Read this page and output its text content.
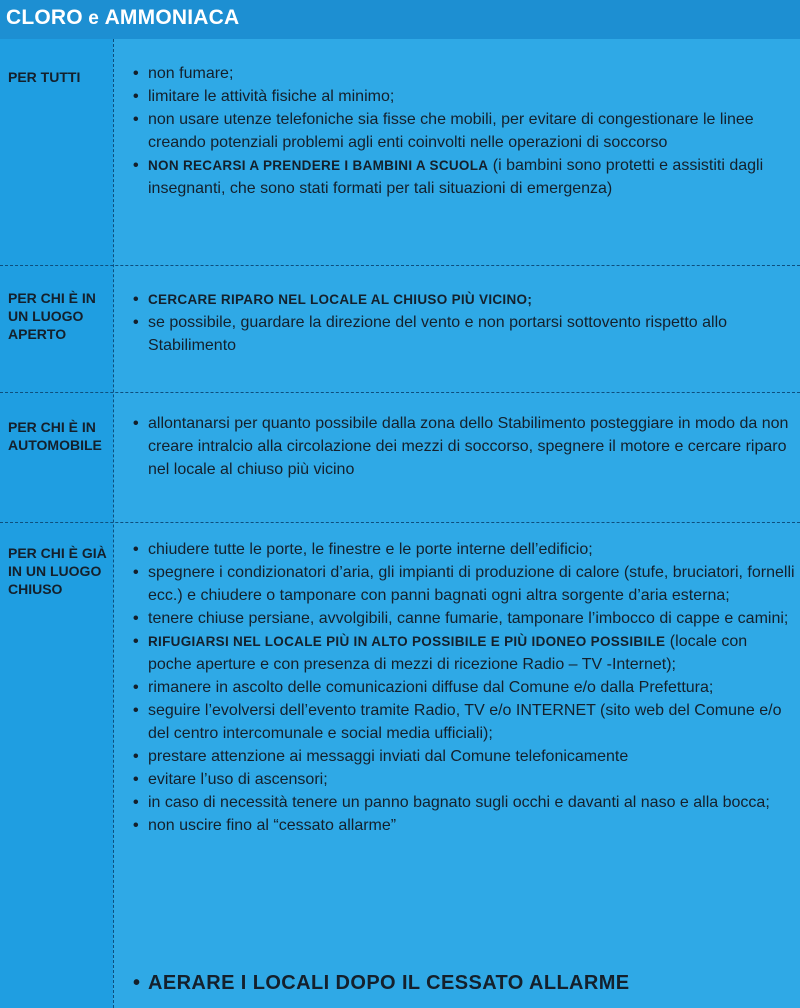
CLORO e AMMONIACA
PER TUTTI
•	non fumare;
• limitare le attività fisiche al minimo;
• non usare utenze telefoniche sia fisse che mobili, per evitare di congestionare le linee creando potenziali problemi agli enti coinvolti nelle operazioni di soccorso
• NON RECARSI A PRENDERE I BAMBINI A SCUOLA (i bambini sono protetti e assistiti dagli insegnanti, che sono stati formati per tali situazioni di emergenza)
PER CHI È IN UN LUOGO APERTO
• CERCARE RIPARO NEL LOCALE AL CHIUSO PIÙ VICINO;
• se possibile, guardare la direzione del vento e non portarsi sottovento rispetto allo Stabilimento
PER CHI È IN AUTOMOBILE
• allontanarsi per quanto possibile dalla zona dello Stabilimento posteggiare in modo da non creare intralcio alla circolazione dei mezzi di soccorso, spegnere il motore e cercare riparo nel locale al chiuso più vicino
PER CHI È GIÀ IN UN LUOGO CHIUSO
• chiudere tutte le porte, le finestre e le porte interne dell’edificio;
• spegnere i condizionatori d’aria, gli impianti di produzione di calore (stufe, bruciatori, fornelli ecc.) e chiudere o tamponare con panni bagnati ogni altra sorgente d’aria esterna;
• tenere chiuse persiane, avvolgibili, canne fumarie, tamponare l’imbocco di cappe e camini;
• RIFUGIARSI NEL LOCALE PIÙ IN ALTO POSSIBILE E PIÙ IDONEO POSSIBILE (locale con poche aperture e con presenza di mezzi di ricezione Radio – TV -Internet);
• rimanere in ascolto delle comunicazioni diffuse dal Comune e/o dalla Prefettura;
• seguire l’evolversi dell’evento tramite Radio, TV e/o INTERNET (sito web del Comune e/o del centro intercomunale e social media ufficiali);
• prestare attenzione ai messaggi inviati dal Comune telefonicamente
• evitare l’uso di ascensori;
• in caso di necessità tenere un panno bagnato sugli occhi e davanti al naso e alla bocca;
• non uscire fino al “cessato allarme”
• AERARE I LOCALI DOPO IL CESSATO ALLARME
